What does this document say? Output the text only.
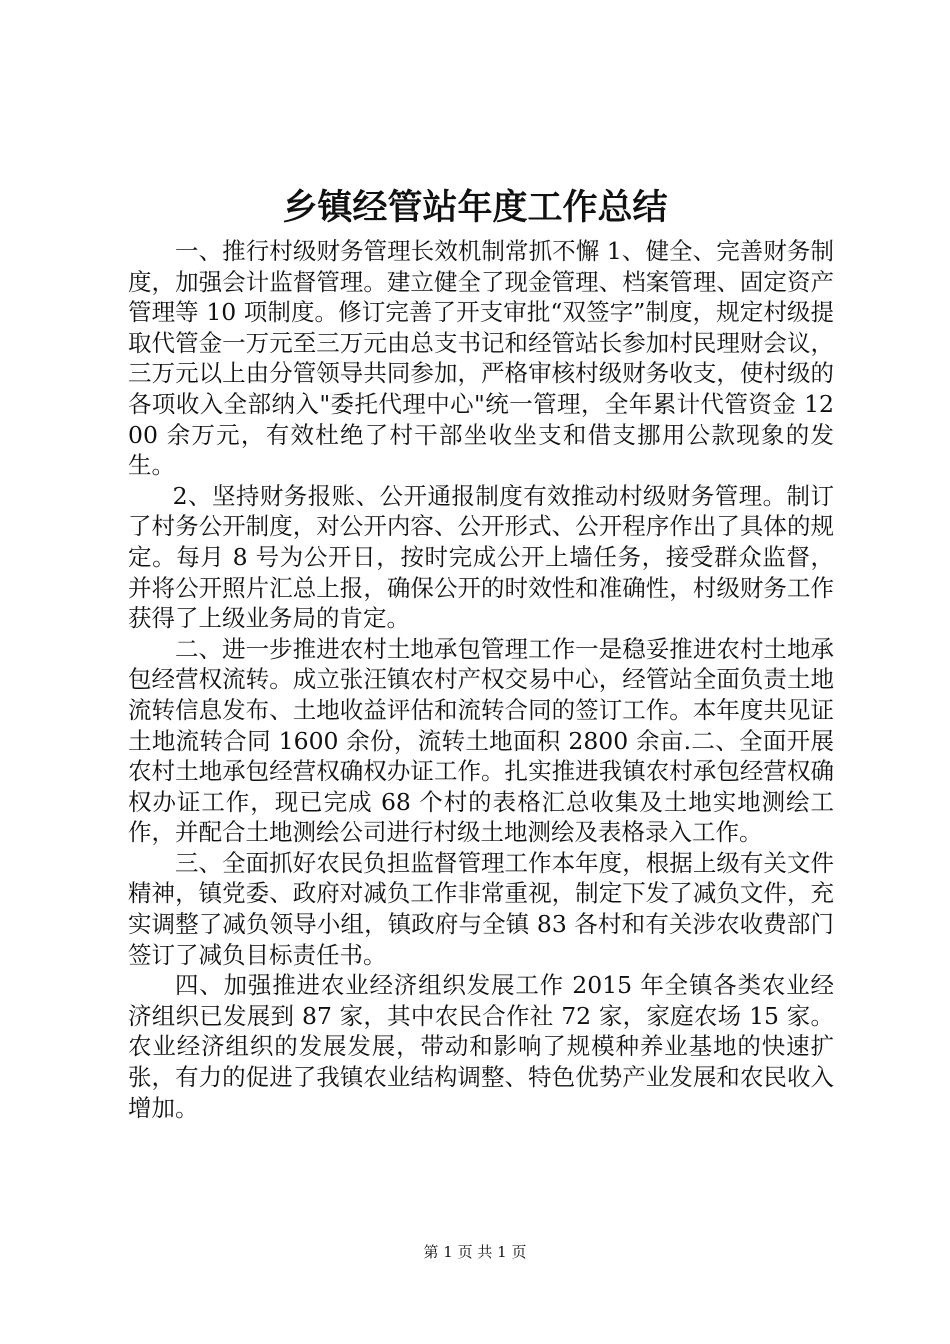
乡镇经管站年度工作总结

一、推行村级财务管理长效机制常抓不懈 1、健全、完善财务制度，加强会计监督管理。建立健全了现金管理、档案管理、固定资产管理等 10 项制度。修订完善了开支审批“双签字”制度，规定村级提取代管金一万元至三万元由总支书记和经管站长参加村民理财会议，三万元以上由分管领导共同参加，严格审核村级财务收支，使村级的各项收入全部纳入"委托代理中心"统一管理，全年累计代管资金 1200 余万元，有效杜绝了村干部坐收坐支和借支挪用公款现象的发生。

2、坚持财务报账、公开通报制度有效推动村级财务管理。制订了村务公开制度，对公开内容、公开形式、公开程序作出了具体的规定。每月 8 号为公开日，按时完成公开上墙任务，接受群众监督，并将公开照片汇总上报，确保公开的时效性和准确性，村级财务工作获得了上级业务局的肯定。

二、进一步推进农村土地承包管理工作一是稳妥推进农村土地承包经营权流转。成立张汪镇农村产权交易中心，经管站全面负责土地流转信息发布、土地收益评估和流转合同的签订工作。本年度共见证土地流转合同 1600 余份，流转土地面积 2800 余亩.二、全面开展农村土地承包经营权确权办证工作。扎实推进我镇农村承包经营权确权办证工作，现已完成 68 个村的表格汇总收集及土地实地测绘工作，并配合土地测绘公司进行村级土地测绘及表格录入工作。

三、全面抓好农民负担监督管理工作本年度，根据上级有关文件精神，镇党委、政府对减负工作非常重视，制定下发了减负文件，充实调整了减负领导小组，镇政府与全镇 83 各村和有关涉农收费部门签订了减负目标责任书。

四、加强推进农业经济组织发展工作 2015 年全镇各类农业经济组织已发展到 87 家，其中农民合作社 72 家，家庭农场 15 家。农业经济组织的发展发展，带动和影响了规模种养业基地的快速扩张，有力的促进了我镇农业结构调整、特色优势产业发展和农民收入增加。

第 1 页 共 1 页
